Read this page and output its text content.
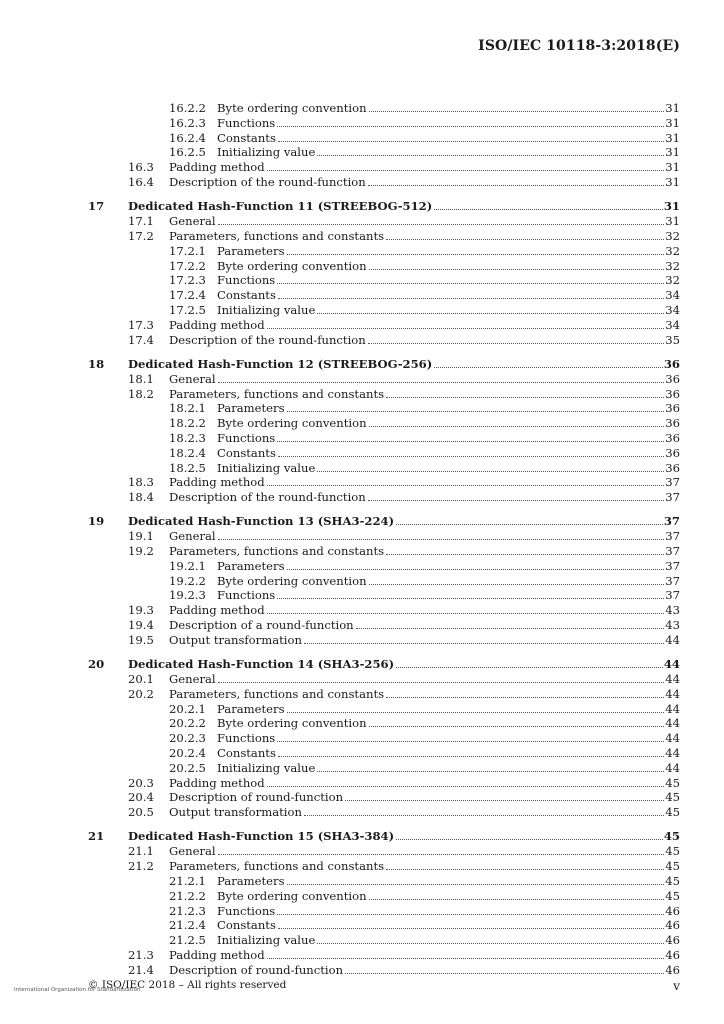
ISO/IEC 10118-3:2018(E)
16.2.2 Byte ordering convention	31
16.2.3 Functions	31
16.2.4 Constants	31
16.2.5 Initializing value	31
16.3 Padding method	31
16.4 Description of the round-function	31
17 Dedicated Hash-Function 11 (STREEBOG-512)	31
17.1 General	31
17.2 Parameters, functions and constants	32
17.2.1 Parameters	32
17.2.2 Byte ordering convention	32
17.2.3 Functions	32
17.2.4 Constants	34
17.2.5 Initializing value	34
17.3 Padding method	34
17.4 Description of the round-function	35
18 Dedicated Hash-Function 12 (STREEBOG-256)	36
18.1 General	36
18.2 Parameters, functions and constants	36
18.2.1 Parameters	36
18.2.2 Byte ordering convention	36
18.2.3 Functions	36
18.2.4 Constants	36
18.2.5 Initializing value	36
18.3 Padding method	37
18.4 Description of the round-function	37
19 Dedicated Hash-Function 13 (SHA3-224)	37
19.1 General	37
19.2 Parameters, functions and constants	37
19.2.1 Parameters	37
19.2.2 Byte ordering convention	37
19.2.3 Functions	37
19.3 Padding method	43
19.4 Description of a round-function	43
19.5 Output transformation	44
20 Dedicated Hash-Function 14 (SHA3-256)	44
20.1 General	44
20.2 Parameters, functions and constants	44
20.2.1 Parameters	44
20.2.2 Byte ordering convention	44
20.2.3 Functions	44
20.2.4 Constants	44
20.2.5 Initializing value	44
20.3 Padding method	45
20.4 Description of round-function	45
20.5 Output transformation	45
21 Dedicated Hash-Function 15 (SHA3-384)	45
21.1 General	45
21.2 Parameters, functions and constants	45
21.2.1 Parameters	45
21.2.2 Byte ordering convention	45
21.2.3 Functions	46
21.2.4 Constants	46
21.2.5 Initializing value	46
21.3 Padding method	46
21.4 Description of round-function	46
International Organization for Standardization
© ISO/IEC 2018 – All rights reserved	v
